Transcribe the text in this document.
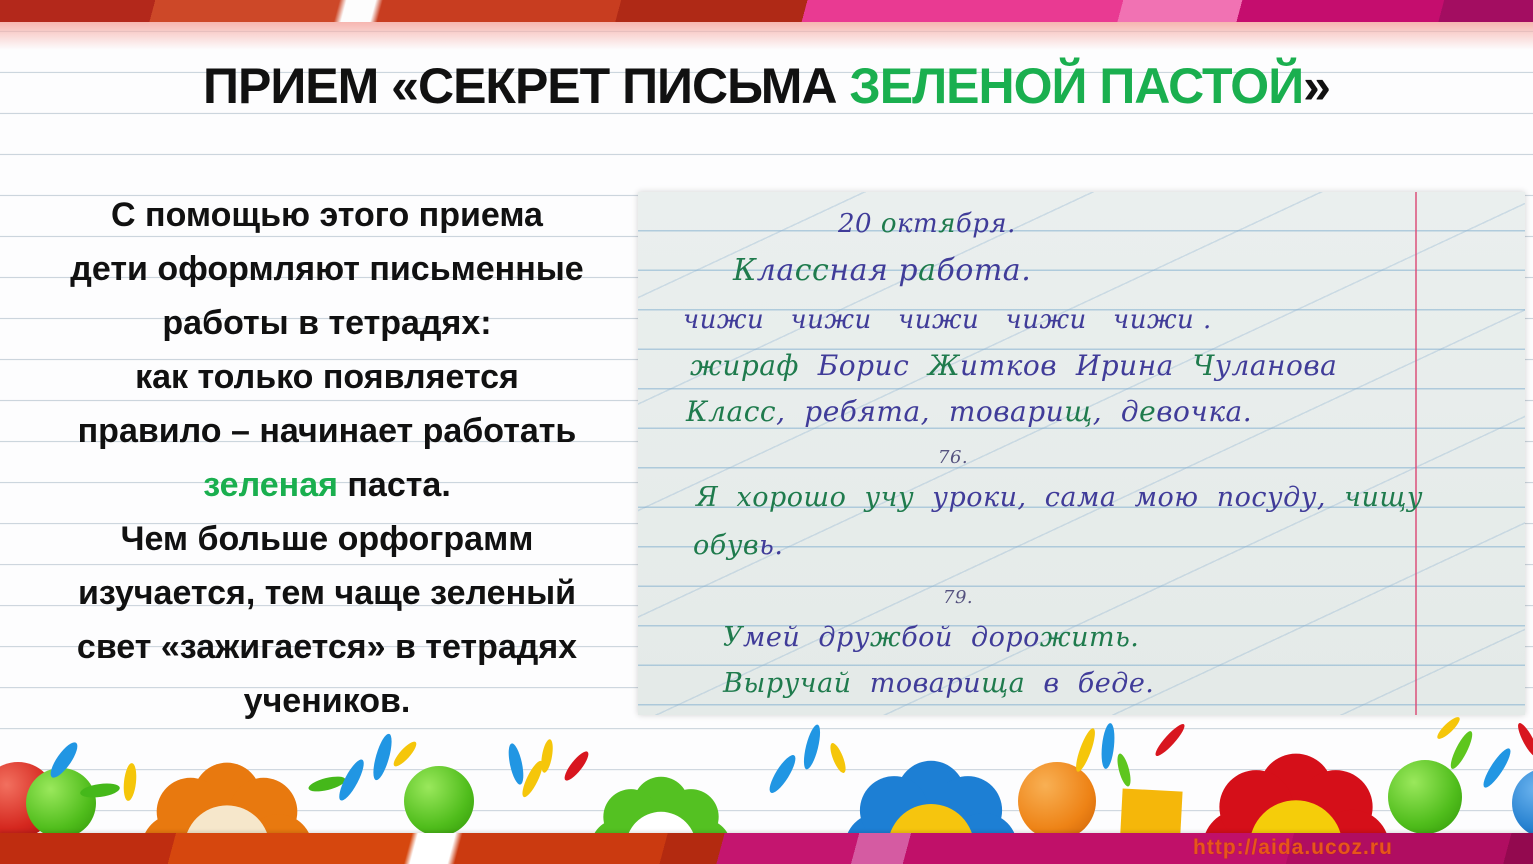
ПРИЕМ «СЕКРЕТ ПИСЬМА ЗЕЛЕНОЙ ПАСТОЙ»
С помощью этого приема
дети оформляют письменные
работы в тетрадях:
как только появляется
правило – начинает работать
зеленая паста.
Чем больше орфограмм
изучается, тем чаще зеленый
свет «зажигается» в тетрадях
учеников.
20 октября.
Классная работа.
чижи   чижи   чижи   чижи   чижи .
жираф  Борис  Житков  Ирина  Чуланова
Класс,  ребята,  товарищ,  девочка.
76.
Я  хорошо  учу  уроки,  сама  мою  посуду,  чищу
обувь.
79.
Умей  дружбой  дорожить.
Выручай  товарища  в  беде.
http://aida.ucoz.ru
